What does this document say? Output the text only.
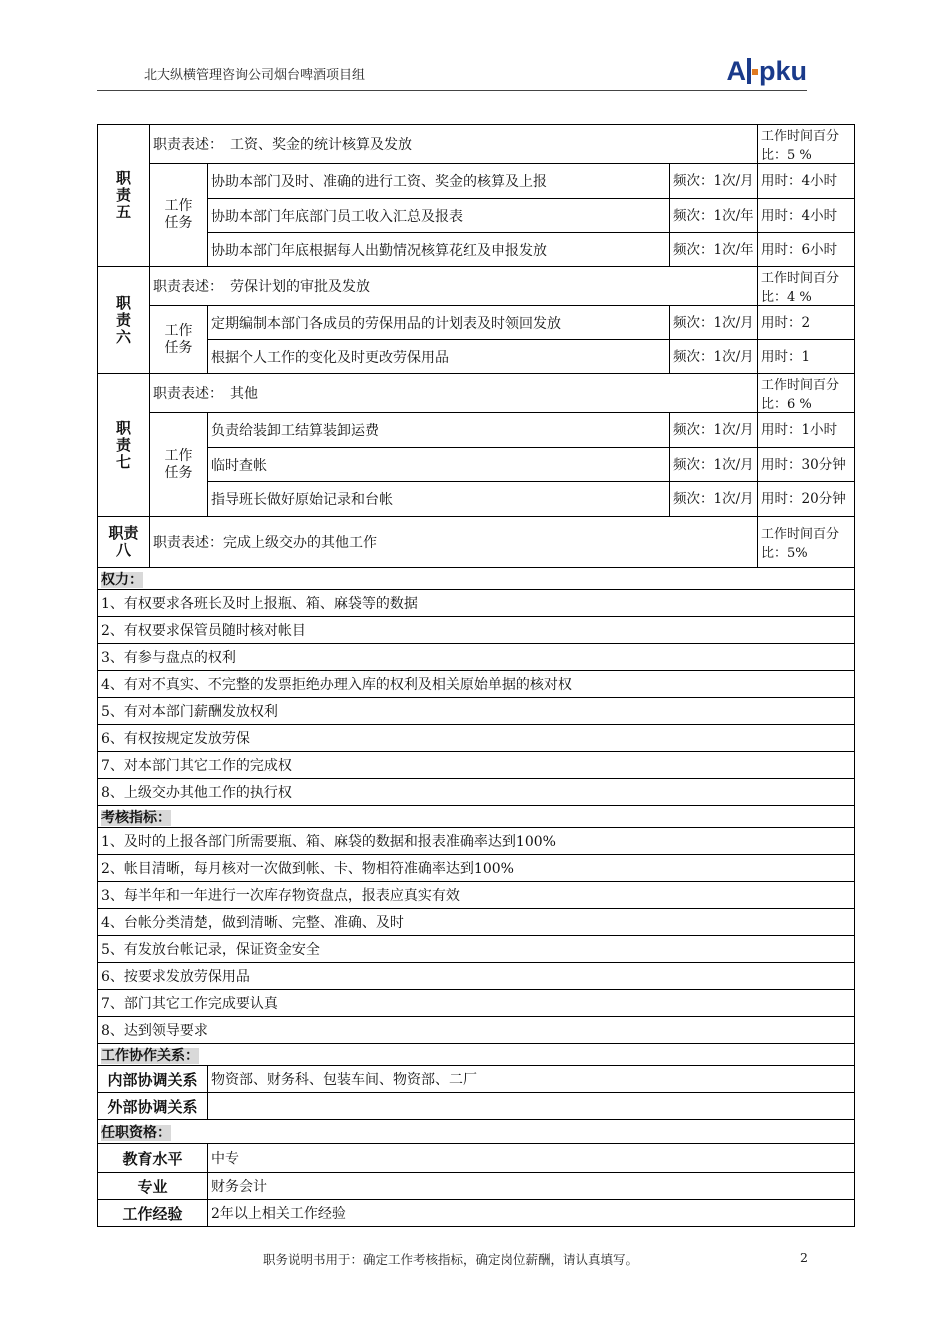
北大纵横管理咨询公司烟台啤酒项目组	A pku
职
责
五	职责表述：　工资、奖金的统计核算及发放			工作时间百分比：5 %
	工作
任务	协助本部门及时、准确的进行工资、奖金的核算及上报	频次：1次/月	用时：4小时
		协助本部门年底部门员工收入汇总及报表	频次：1次/年	用时：4小时
		协助本部门年底根据每人出勤情况核算花红及申报发放	频次：1次/年	用时：6小时
职
责
六	职责表述：　劳保计划的审批及发放			工作时间百分比：4 %
	工作
任务	定期编制本部门各成员的劳保用品的计划表及时领回发放	频次：1次/月	用时：2
		根据个人工作的变化及时更改劳保用品	频次：1次/月	用时：1
职
责
七	职责表述：　其他			工作时间百分比：6 %
	工作
任务	负责给装卸工结算装卸运费	频次：1次/月	用时：1小时
		临时查帐	频次：1次/月	用时：30分钟
		指导班长做好原始记录和台帐	频次：1次/月	用时：20分钟
职责
八	职责表述：完成上级交办的其他工作			工作时间百分比：5%
权力：				
1、有权要求各班长及时上报瓶、箱、麻袋等的数据				
2、有权要求保管员随时核对帐目				
3、有参与盘点的权利				
4、有对不真实、不完整的发票拒绝办理入库的权利及相关原始单据的核对权				
5、有对本部门薪酬发放权利				
6、有权按规定发放劳保				
7、对本部门其它工作的完成权				
8、上级交办其他工作的执行权				
考核指标：				
1、及时的上报各部门所需要瓶、箱、麻袋的数据和报表准确率达到100%				
2、帐目清晰，每月核对一次做到帐、卡、物相符准确率达到100%				
3、每半年和一年进行一次库存物资盘点，报表应真实有效				
4、台帐分类清楚，做到清晰、完整、准确、及时				
5、有发放台帐记录，保证资金安全				
6、按要求发放劳保用品				
7、部门其它工作完成要认真				
8、达到领导要求				
工作协作关系：				
内部协调关系		物资部、财务科、包装车间、物资部、二厂		
外部协调关系				
任职资格：				
教育水平		中专		
专业		财务会计		
工作经验		2年以上相关工作经验		
职务说明书用于：确定工作考核指标，确定岗位薪酬，请认真填写。	2
